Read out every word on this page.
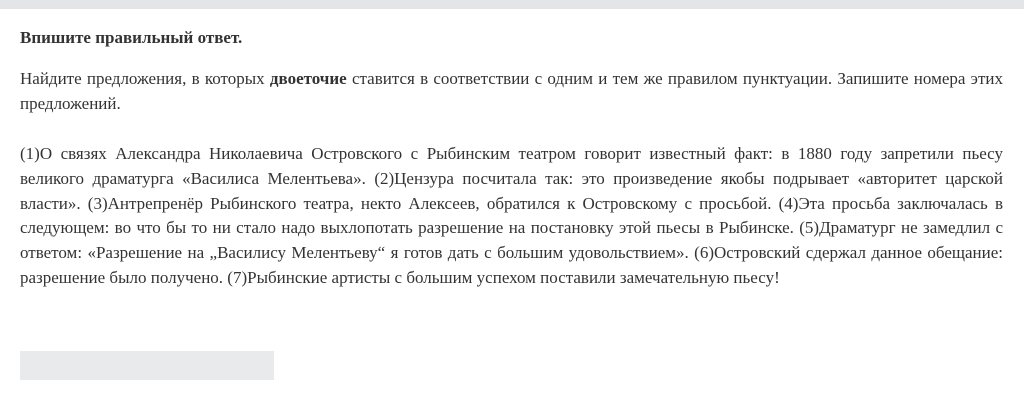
Впишите правильный ответ.

Найдите предложения, в которых двоеточие ставится в соответствии с одним и тем же правилом пунктуации. Запишите номера этих предложений.

(1)О связях Александра Николаевича Островского с Рыбинским театром говорит известный факт: в 1880 году запретили пьесу великого драматурга «Василиса Мелентьева». (2)Цензура посчитала так: это произведение якобы подрывает «авторитет царской власти». (3)Антрепренёр Рыбинского театра, некто Алексеев, обратился к Островскому с просьбой. (4)Эта просьба заключалась в следующем: во что бы то ни стало надо выхлопотать разрешение на постановку этой пьесы в Рыбинске. (5)Драматург не замедлил с ответом: «Разрешение на „Василису Мелентьеву“ я готов дать с большим удовольствием». (6)Островский сдержал данное обещание: разрешение было получено. (7)Рыбинские артисты с большим успехом поставили замечательную пьесу!
